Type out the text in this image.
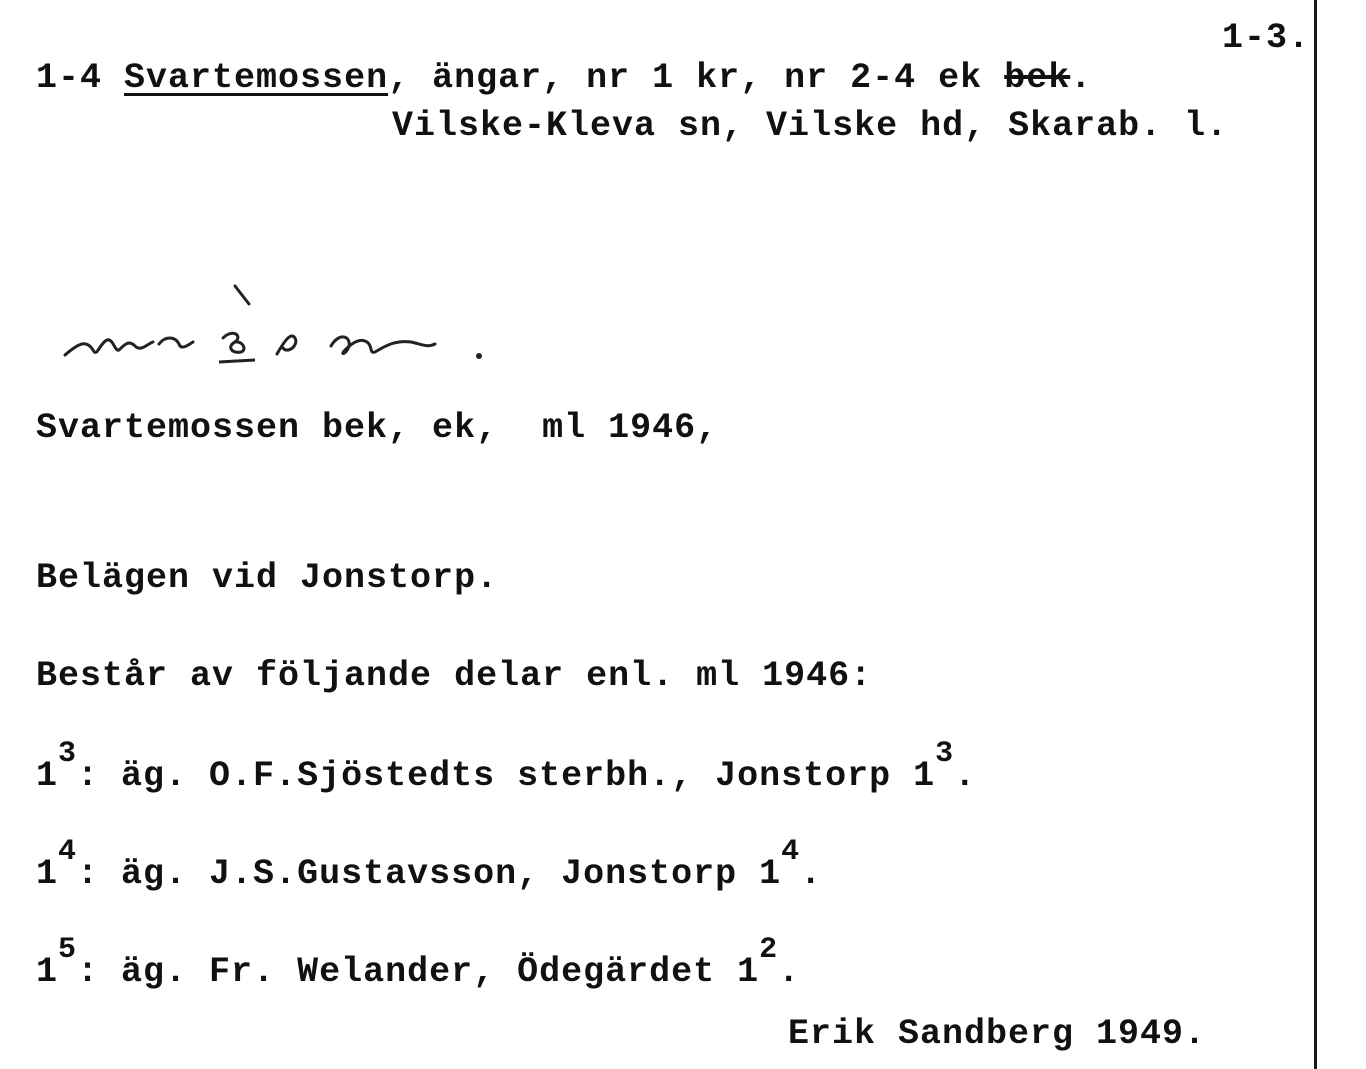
1-3.
1-4 Svartemossen, ängar, nr 1 kr, nr 2-4 ek bek.
Vilske-Kleva sn, Vilske hd, Skarab. l.
Svartemossen bek, ek,  ml 1946,
Belägen vid Jonstorp.
Består av följande delar enl. ml 1946:
13: äg. O.F.Sjöstedts sterbh., Jonstorp 13.
14: äg. J.S.Gustavsson, Jonstorp 14.
15: äg. Fr. Welander, Ödegärdet 12.
Erik Sandberg 1949.
